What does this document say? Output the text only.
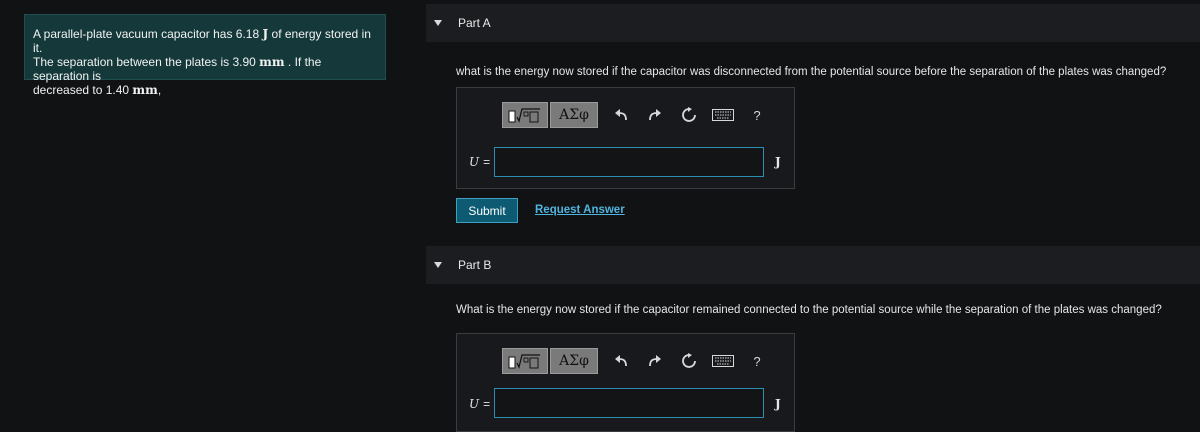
A parallel-plate vacuum capacitor has 6.18 J of energy stored in it.
The separation between the plates is 3.90 mm . If the separation is
decreased to 1.40 mm,
Part A
what is the energy now stored if the capacitor was disconnected from the potential source before the separation of the plates was changed?
ΑΣφ	?
U =	J
Submit	Request Answer
Part B
What is the energy now stored if the capacitor remained connected to the potential source while the separation of the plates was changed?
ΑΣφ	?
U =	J
